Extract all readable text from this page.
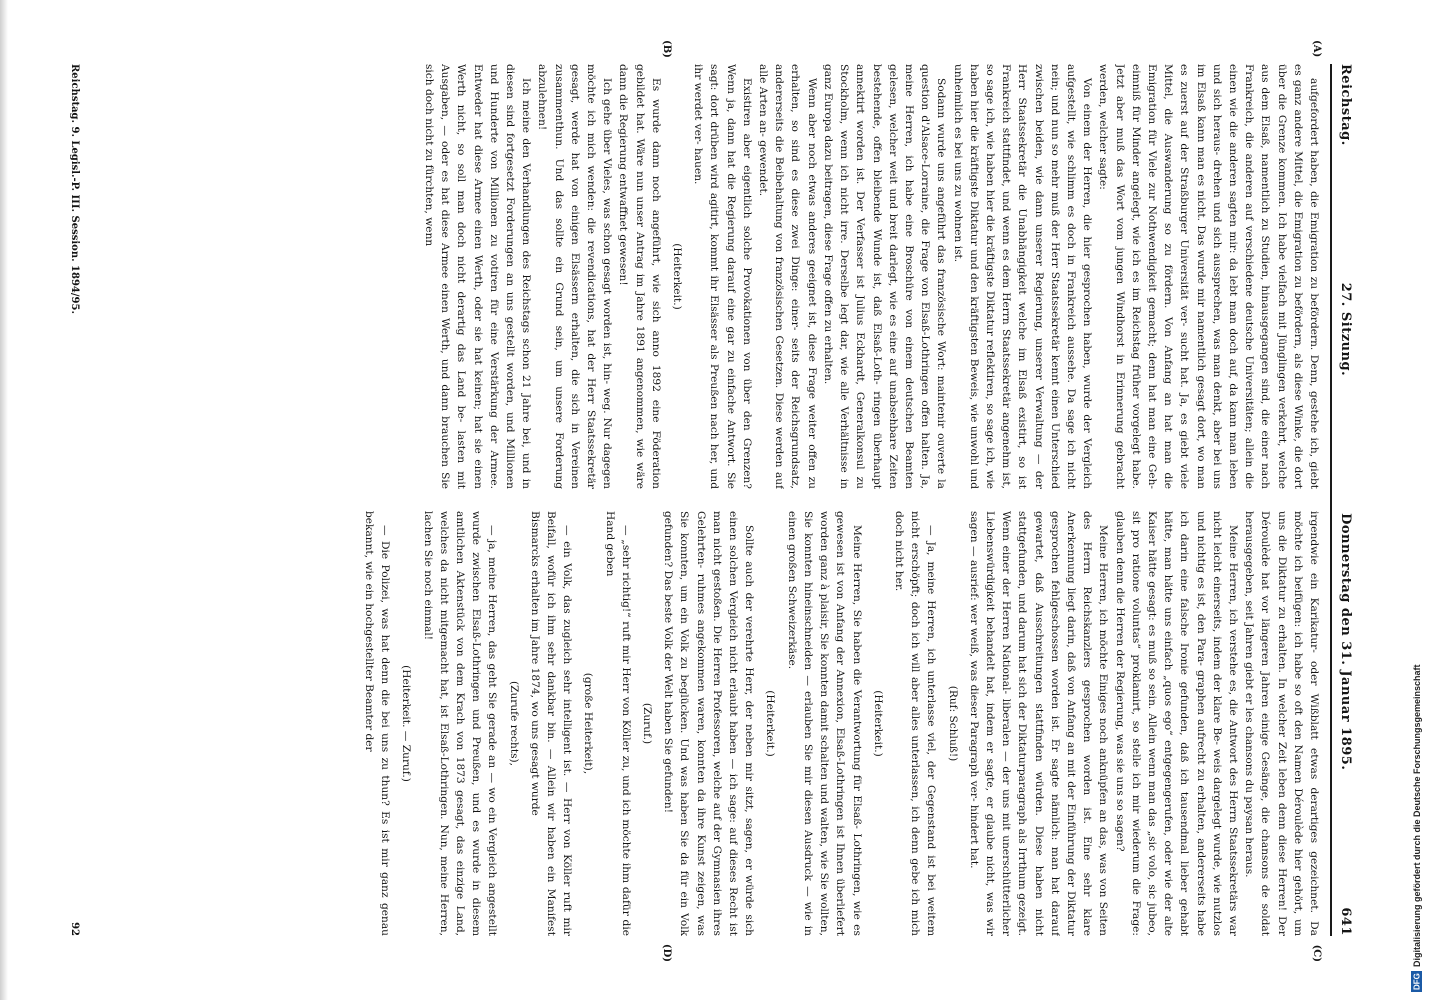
Reichstag.
27. Sitzung.
Donnerstag den 31. Januar 1895.
641

aufgefordert haben, die Emigration zu befördern. Denn, gestehe ich, giebt es ganz andere Mittel, die Emigration zu befördern, als diese Winke, die dort über die Grenze kommen. Ich habe vielfach mit Jünglingen verkehrt, welche aus dem Elsaß, namentlich zu Studien, hinausgegangen sind, die einer nach Frankreich, die anderen auf verschiedene deutsche Universitäten; allein die einen wie die anderen sagten mir: da lebt man doch auf, da kann man leben und sich heraus- drehen und sich aussprechen, was man denkt, aber bei uns im Elsaß kann man es nicht. Das wurde mir namentlich gesagt dort, wo man es zuerst auf der Straßburger Universität ver- sucht hat. Ja, es giebt viele Mittel, die Auswanderung so zu fördern. Von Anfang an hat man die Emigration für Viele zur Nothwendigkeit gemacht; denn hat man eine Geh- eimniß für Minder angelegt, wie ich es im Reichstag früher vorgelegt habe. Jetzt aber muß das Wort vom jungen Windhorst in Erinnerung gebracht werden, welcher sagte:

Von einem der Herren, die hier gesprochen haben, wurde der Vergleich aufgestellt, wie schlimm es doch in Frankreich aussehe. Da sage ich nicht nein; und nun so mehr muß der Herr Staatssekretär kennt einen Unterschied zwischen beiden, wie dann unserer Regierung, unserer Verwaltung — der Herr Staatssekretär die Unabhängigkeit welche im Elsaß existirt, so ist Frankreich stattfindet, und wenn es dem Herrn Staatssekretär angenehm ist, so sage ich, wie haben hier die kräftigste Diktatur reflektiren, so sage ich, wie haben hier die kräftigste Diktatur und den kräftigsten Beweis, wie unwohl und unheimlich es bei uns zu wohnen ist.

Sodann wurde uns angeführt das französische Wort: maintenir ouverte la question d'Alsace-Lorraine, die Frage von Elsaß-Lothringen offen halten. Ja, meine Herren, ich habe eine Broschüre von einem deutschen Beamten gelesen, welcher weit und breit darlegt, wie es eine auf unabsehbare Zeiten bestehende, offen bleibende Wunde ist, daß Elsaß-Loth- ringen überhaupt annektirt worden ist. Der Verfasser ist Julius Eckhardt, Generalkonsul zu Stockholm, wenn ich nicht irre. Derselbe legt dar, wie alle Verhältnisse in ganz Europa dazu beitragen, diese Frage offen zu erhalten.

Wenn aber noch etwas anderes geeignet ist, diese Frage weiter offen zu erhalten, so sind es diese zwei Dinge: einer- seits der Reichsgrundsatz, andererseits die Beibehaltung von französischen Gesetzen. Diese werden auf alle Arten an- gewendet.

Existiren aber eigentlich solche Provokationen von über den Grenzen? Wenn ja, dann hat die Regierung darauf eine gar zu einfache Antwort. Sie sagt: dort drüben wird agitirt, kommt ihr Elsässer als Preußen nach her, und ihr werdet ver- hauen.

(Heiterkeit.)

Es wurde dann noch angeführt, wie sich anno 1892 eine Föderation gebildet hat. Wäre nun unser Antrag im Jahre 1891 angenommen, wie wäre dann die Regierung entwaffnet gewesen!

Ich gehe über Vieles, was schon gesagt worden ist, hin- weg. Nur dagegen möchte ich mich wenden: die revendications, hat der Herr Staatssekretär gesagt, werde hat von einigen Elsässern erhalten, die sich in Vereinen zusammenthun. Und das sollte ein Grund sein, um unsere Forderung abzulehnen!

Ich meine den Verhandlungen des Reichstags schon 21 Jahre bei, und in diesen sind fortgesetzt Forderungen an uns gestellt worden, und Millionen und Hunderte von Millionen zu votiren für eine Verstärkung der Armee. Entweder hat diese Armee einen Werth, oder sie hat keinen; hat sie einen Werth nicht, so soll man doch nicht derartig das Land be- lasten mit Ausgaben, — oder es hat diese Armee einen Werth, und dann brauchen Sie sich doch nicht zu fürchten, wenn

irgendwie ein Karikatur- oder Wißblatt etwas derartiges gezeichnet. Da möchte ich beifügen: ich habe so oft den Namen Déroulède hier gehört, um uns die Diktatur zu erhalten. In welcher Zeit leben denn diese Herren! Der Déroulède hat vor längeren Jahren einige Gesänge, die chansons de soldat herausgegeben, seit Jahren giebt er les chansons du paysan heraus.

Meine Herren, ich verstehe es, die Antwort des Herrn Staatssekretärs war nicht leicht einerseits, indem der klare Be- weis dargelegt wurde, wie nutzlos und nichtig es ist, den Para- graphen aufrecht zu erhalten, andererseits habe ich darin eine falsche Ironie gefunden, daß ich tausendmal lieber gehabt hätte, man hätte uns einfach „quos ego“ entgegengerufen, oder wie der alte Kaiser hätte gesagt: es muß so sein. Allein wenn man das „sic volo, sic jubeo, sit pro ratione voluntas“ proklamirt, so stelle ich mir wiederum die Frage: glauben denn die Herren der Regierung, was sie uns so sagen?

Meine Herren, ich möchte Einiges noch anknüpfen an das, was von Seiten des Herrn Reichskanzlers gesprochen worden ist. Eine sehr klare Anerkennung liegt darin, daß von Anfang an mit der Einführung der Diktatur gesprochen fehlgeschossen worden ist. Er sagte nämlich: man hat darauf gewartet, daß Ausschreitungen stattfinden würden. Diese haben nicht stattgefunden, und darum hat sich der Diktaturparagraph als Irrthum gezeigt. Wenn einer der Herren National- liberalen — der uns mit unerschütterlicher Liebenswürdigkeit behandelt hat, indem er sagte, er glaube nicht, was wir sagen — ausrief: wer weiß, was dieser Paragraph ver- hindert hat.

(Ruf: Schluß!)

— Ja, meine Herren, ich unterlasse viel, der Gegenstand ist bei weitem nicht erschöpft; doch ich will aber alles unterlassen, ich denn gebe ich mich doch nicht her.

(Heiterkeit.)

Meine Herren, Sie haben die Verantwortung für Elsaß- Lothringen, wie es gewesen ist von Anfang der Annexion, Elsaß-Lothringen ist Ihnen überliefert worden ganz à plaisir, Sie konnten damit schalten und walten, wie Sie wollten, Sie konnten hineinschneiden — erlauben Sie mir diesen Ausdruck — wie in einen großen Schweizerkäse.

(Heiterkeit.)

Sollte auch der verehrte Herr, der neben mir sitzt, sagen, er würde sich einen solchen Vergleich nicht erlaubt haben — ich sage: auf dieses Recht ist man nicht gestoßen. Die Herren Professoren, welche auf der Gymnasien ihres Gelehrten- ruhmes angekommen waren, konnten da ihre Kunst zeigen, was Sie konnten, um ein Volk zu beglücken. Und was haben Sie da für ein Volk gefunden? Das beste Volk der Welt haben Sie gefunden!

(Zuruf.)

— „sehr richtig!“ ruft mir Herr von Köller zu, und ich möchte ihm dafür die Hand geben

(große Heiterkeit),

— ein Volk, das zugleich sehr intelligent ist. — Herr von Köller ruft mir Beifall, wofür ich ihm sehr dankbar bin. — Allein wir haben ein Manifest Bismarcks erhalten im Jahre 1874, wo uns gesagt wurde

(Zurufe rechts),

— ja, meine Herren, das geht Sie gerade an — wo ein Vergleich angestellt wurde zwischen Elsaß-Lothringen und Preußen, und es wurde in diesem amtlichen Aktenstück von dem Krach von 1873 gesagt, das einzige Land, welches da nicht mitgemacht hat, ist Elsaß-Lothringen. Nun, meine Herren, lachen Sie noch einmal!

(Heiterkeit. — Zuruf.)

— Die Polizei, was hat denn die bei uns zu thun? Es ist mir ganz genau bekannt, wie ein hochgestellter Beamter der

(A)
(B)
(C)
(D)
Reichstag. 9. Legisl.-P. III. Session. 1894/95.
92
DFG
Digitalisierung gefördert durch die Deutsche Forschungsgemeinschaft
